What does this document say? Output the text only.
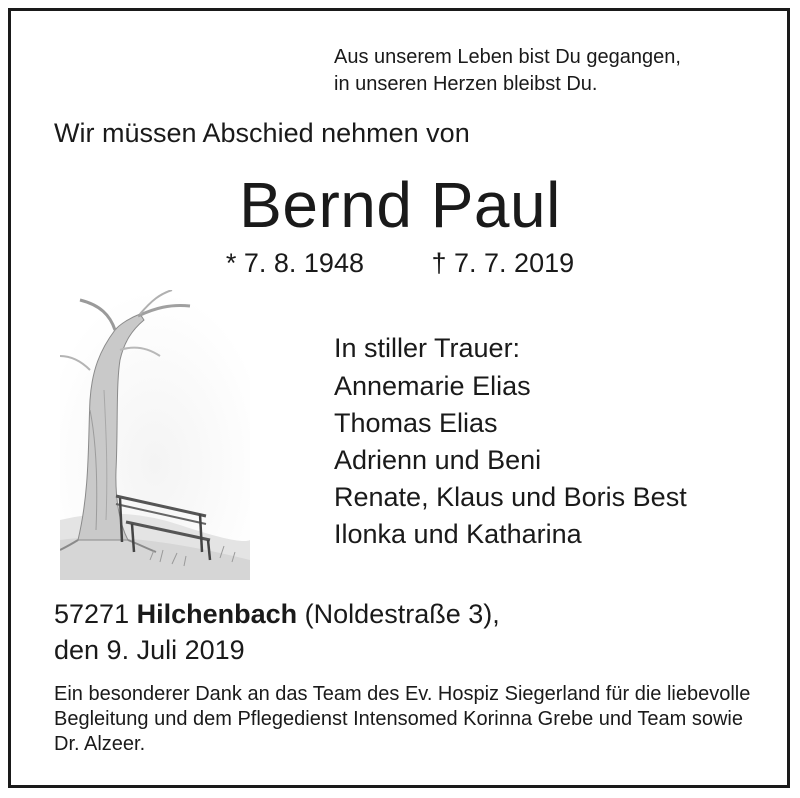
Aus unserem Leben bist Du gegangen,
in unseren Herzen bleibst Du.
Wir müssen Abschied nehmen von
Bernd Paul
* 7. 8. 1948	† 7. 7. 2019
In stiller Trauer:
Annemarie Elias
Thomas Elias
Adrienn und Beni
Renate, Klaus und Boris Best
Ilonka und Katharina
57271 Hilchenbach (Noldestraße 3),
den 9. Juli 2019
Ein besonderer Dank an das Team des Ev. Hospiz Siegerland für die liebevolle Begleitung und dem Pflegedienst Intensomed Korinna Grebe und Team sowie Dr. Alzeer.
